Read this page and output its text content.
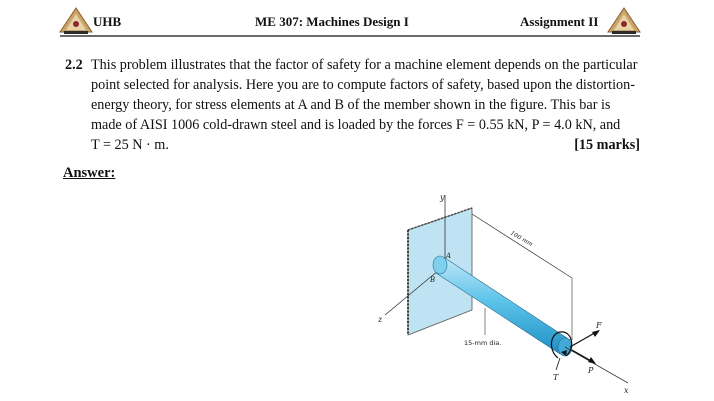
UHB	ME 307: Machines Design I	Assignment II
2.2 This problem illustrates that the factor of safety for a machine element depends on the particular
point selected for analysis. Here you are to compute factors of safety, based upon the distortion-
energy theory, for stress elements at A and B of the member shown in the figure. This bar is
made of AISI 1006 cold-drawn steel and is loaded by the forces F = 0.55 kN, P = 4.0 kN, and
T = 25 N · m.	[15 marks]
Answer:
y
z
A
B
100 mm
15-mm dia.
x
F
T
P
